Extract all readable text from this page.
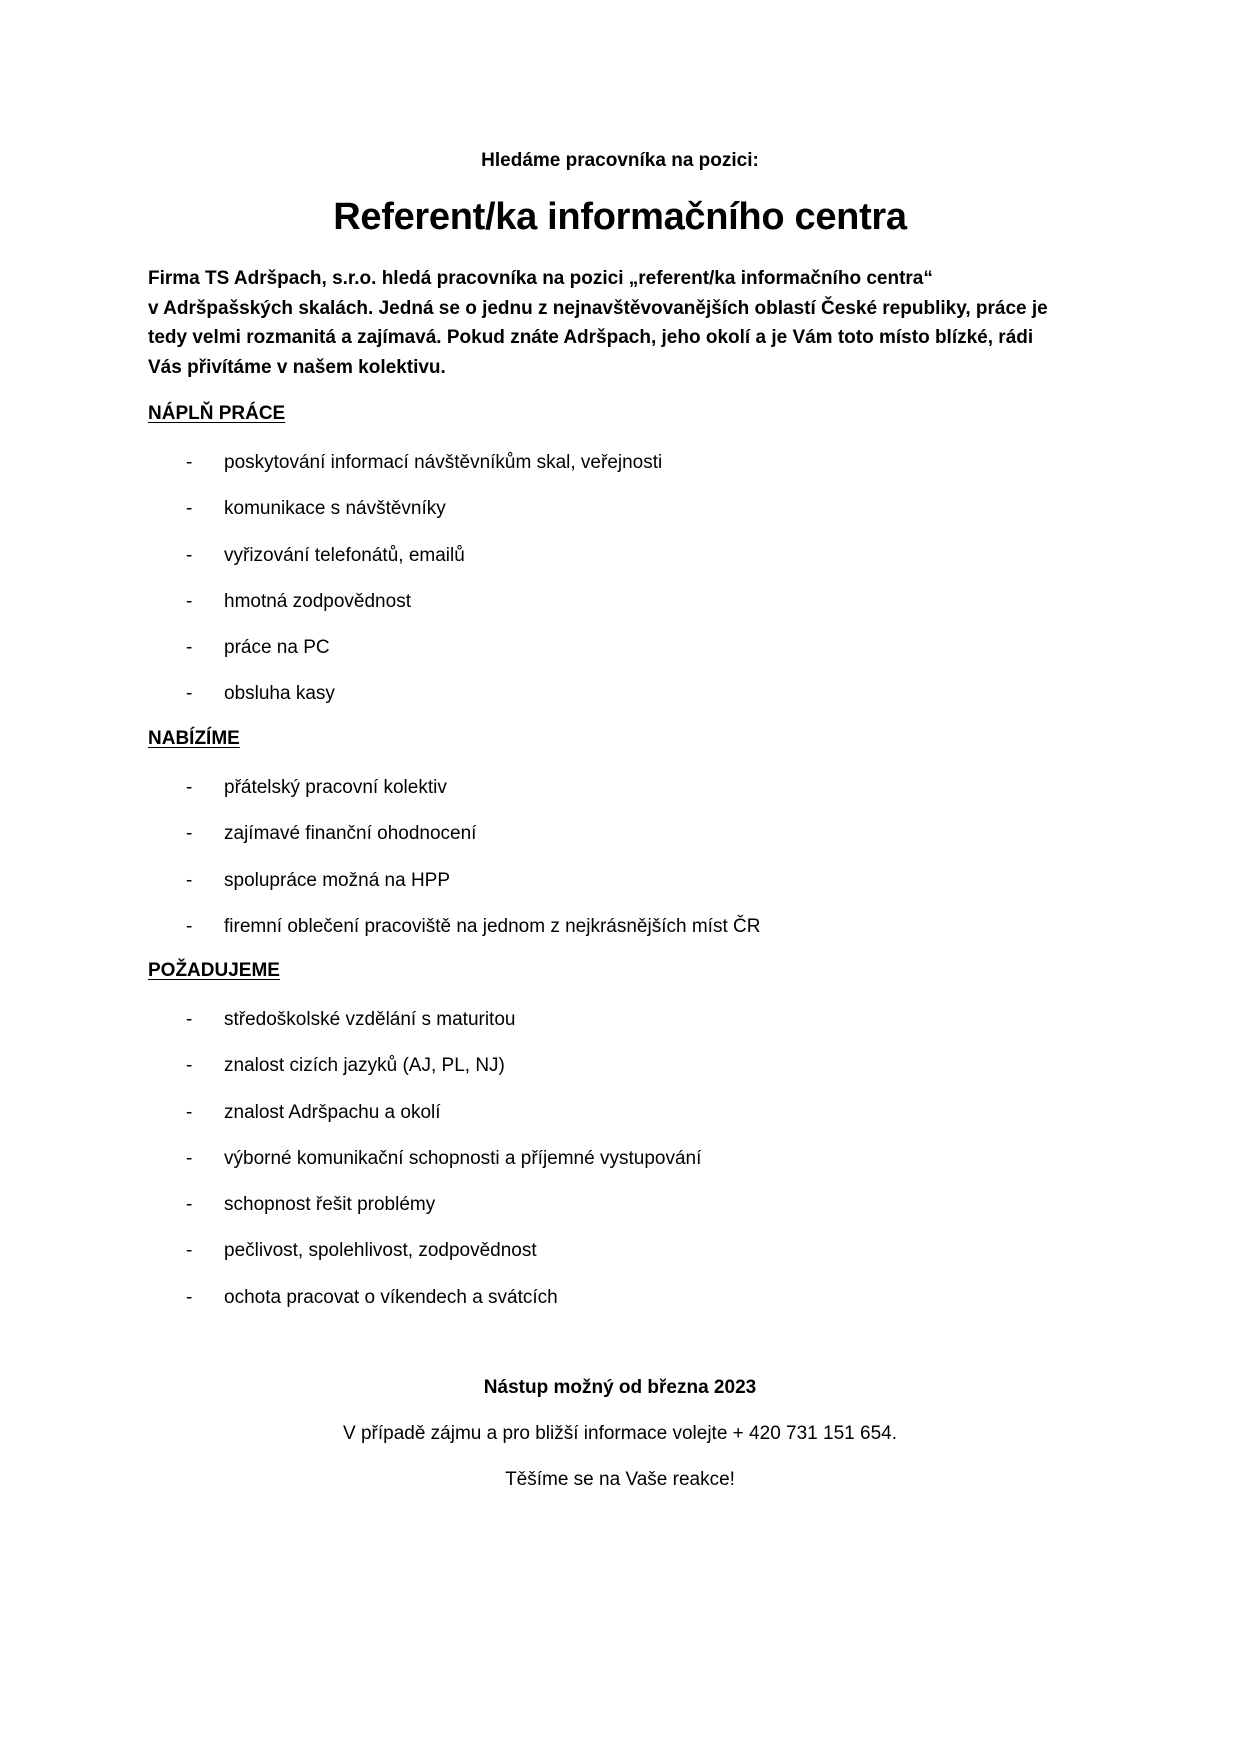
Hledáme pracovníka na pozici:
Referent/ka informačního centra

Firma TS Adršpach, s.r.o. hledá pracovníka na pozici „referent/ka informačního centra“

v Adršpašských skalách. Jedná se o jednu z nejnavštěvovanějších oblastí České republiky, práce je

tedy velmi rozmanitá a zajímavá. Pokud znáte Adršpach, jeho okolí a je Vám toto místo blízké, rádi

Vás přivítáme v našem kolektivu.

NÁPLŇ PRÁCE
- poskytování informací návštěvníkům skal, veřejnosti
- komunikace s návštěvníky
- vyřizování telefonátů, emailů
- hmotná zodpovědnost
- práce na PC
- obsluha kasy
NABÍZÍME
- přátelský pracovní kolektiv
- zajímavé finanční ohodnocení
- spolupráce možná na HPP
- firemní oblečení pracoviště na jednom z nejkrásnějších míst ČR
POŽADUJEME
- středoškolské vzdělání s maturitou
- znalost cizích jazyků (AJ, PL, NJ)
- znalost Adršpachu a okolí
- výborné komunikační schopnosti a příjemné vystupování
- schopnost řešit problémy
- pečlivost, spolehlivost, zodpovědnost
- ochota pracovat o víkendech a svátcích
Nástup možný od března 2023
V případě zájmu a pro bližší informace volejte + 420 731 151 654.
Těšíme se na Vaše reakce!
